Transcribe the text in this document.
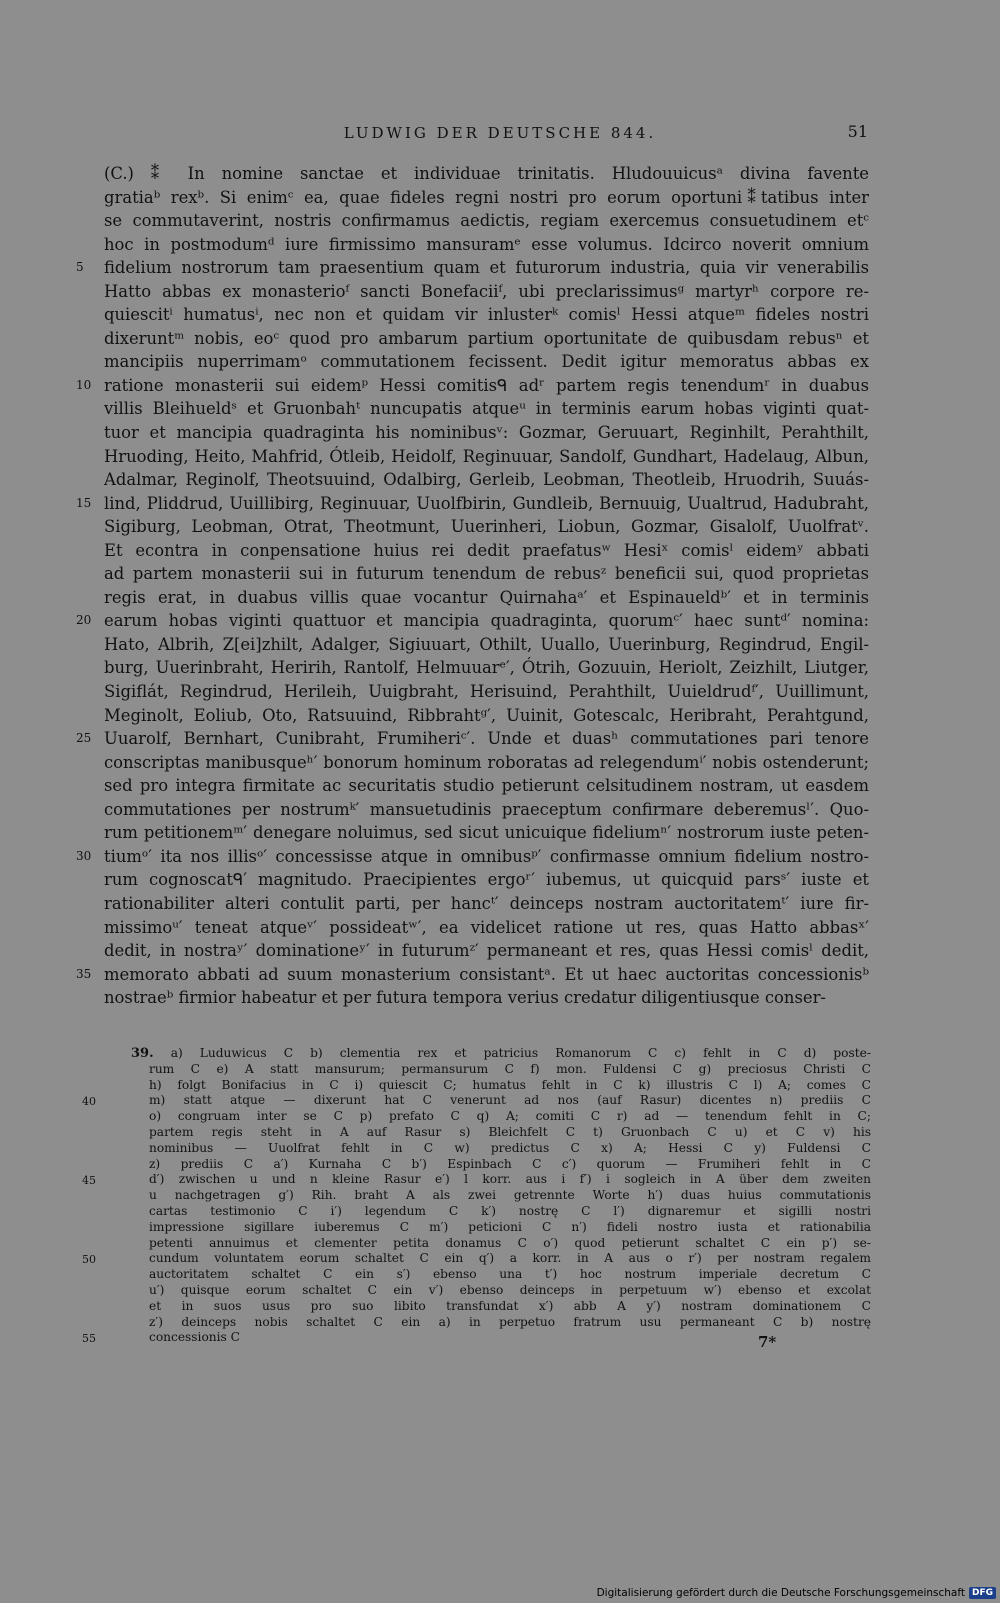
LUDWIG DER DEUTSCHE 844.	51
(C.) ⁑ In nomine sanctae et individuae trinitatis. Hludouuicusᵃ divina favente
gratiaᵇ rexᵇ. Si enimᶜ ea, quae fideles regni nostri pro eorum oportuni⁑tatibus inter
se commutaverint, nostris confirmamus aedictis, regiam exercemus consuetudinem etᶜ
hoc in postmodumᵈ iure firmissimo mansuramᵉ esse volumus. Idcirco noverit omnium
fidelium nostrorum tam praesentium quam et futurorum industria, quia vir venerabilis
Hatto abbas ex monasterioᶠ sancti Bonefaciiᶠ, ubi preclarissimusᵍ martyrʰ corpore re-
quiescitⁱ humatusⁱ, nec non et quidam vir inlusterᵏ comisˡ Hessi atqueᵐ fideles nostri
dixeruntᵐ nobis, eoᶜ quod pro ambarum partium oportunitate de quibusdam rebusⁿ et
mancipiis nuperrimamᵒ commutationem fecissent. Dedit igitur memoratus abbas ex
ratione monasterii sui eidemᵖ Hessi comitisᑫ adʳ partem regis tenendumʳ in duabus
villis Bleihueldˢ et Gruonbahᵗ nuncupatis atqueᵘ in terminis earum hobas viginti quat-
tuor et mancipia quadraginta his nominibusᵛ: Gozmar, Geruuart, Reginhilt, Perahthilt,
Hruoding, Heito, Mahfrid, Ótleib, Heidolf, Reginuuar, Sandolf, Gundhart, Hadelaug, Albun,
Adalmar, Reginolf, Theotsuuind, Odalbirg, Gerleib, Leobman, Theotleib, Hruodrih, Suuás-
lind, Pliddrud, Uuillibirg, Reginuuar, Uuolfbirin, Gundleib, Bernuuig, Uualtrud, Hadubraht,
Sigiburg, Leobman, Otrat, Theotmunt, Uuerinheri, Liobun, Gozmar, Gisalolf, Uuolfratᵛ.
Et econtra in conpensatione huius rei dedit praefatusʷ Hesiˣ comisˡ eidemʸ abbati
ad partem monasterii sui in futurum tenendum de rebusᶻ beneficii sui, quod proprietas
regis erat, in duabus villis quae vocantur Quirnahaᵃ′ et Espinaueldᵇ′ et in terminis
earum hobas viginti quattuor et mancipia quadraginta, quorumᶜ′ haec suntᵈ′ nomina:
Hato, Albrih, Z[ei]zhilt, Adalger, Sigiuuart, Othilt, Uuallo, Uuerinburg, Regindrud, Engil-
burg, Uuerinbraht, Heririh, Rantolf, Helmuuarᵉ′, Ótrih, Gozuuin, Heriolt, Zeizhilt, Liutger,
Sigiflát, Regindrud, Herileih, Uuigbraht, Herisuind, Perahthilt, Uuieldrudᶠ′, Uuillimunt,
Meginolt, Eoliub, Oto, Ratsuuind, Ribbrahtᵍ′, Uuinit, Gotescalc, Heribraht, Perahtgund,
Uuarolf, Bernhart, Cunibraht, Frumiheriᶜ′. Unde et duasʰ commutationes pari tenore
conscriptas manibusqueʰ′ bonorum hominum roboratas ad relegendumⁱ′ nobis ostenderunt;
sed pro integra firmitate ac securitatis studio petierunt celsitudinem nostram, ut easdem
commutationes per nostrumᵏ′ mansuetudinis praeceptum confirmare deberemusˡ′. Quo-
rum petitionemᵐ′ denegare noluimus, sed sicut unicuique fideliumⁿ′ nostrorum iuste peten-
tiumᵒ′ ita nos illisᵒ′ concessisse atque in omnibusᵖ′ confirmasse omnium fidelium nostro-
rum cognoscatᑫ′ magnitudo. Praecipientes ergoʳ′ iubemus, ut quicquid parsˢ′ iuste et
rationabiliter alteri contulit parti, per hancᵗ′ deinceps nostram auctoritatemᵗ′ iure fir-
missimoᵘ′ teneat atqueᵛ′ possideatʷ′, ea videlicet ratione ut res, quas Hatto abbasˣ′
dedit, in nostraʸ′ dominationeʸ′ in futurumᶻ′ permaneant et res, quas Hessi comisˡ dedit,
memorato abbati ad suum monasterium consistantᵃ. Et ut haec auctoritas concessionisᵇ
nostraeᵇ firmior habeatur et per futura tempora verius credatur diligentiusque conser-
5
10
15
20
25
30
35
39. a) Luduwicus C b) clementia rex et patricius Romanorum C c) fehlt in C d) poste-
rum C e) A statt mansurum; permansurum C f) mon. Fuldensi C g) preciosus Christi C
h) folgt Bonifacius in C i) quiescit C; humatus fehlt in C k) illustris C l) A; comes C
m) statt atque — dixerunt hat C venerunt ad nos (auf Rasur) dicentes n) prediis C
o) congruam inter se C p) prefato C q) A; comiti C r) ad — tenendum fehlt in C;
partem regis steht in A auf Rasur s) Bleichfelt C t) Gruonbach C u) et C v) his
nominibus — Uuolfrat fehlt in C w) predictus C x) A; Hessi C y) Fuldensi C
z) prediis C a′) Kurnaha C b′) Espinbach C c′) quorum — Frumiheri fehlt in C
d′) zwischen u und n kleine Rasur e′) l korr. aus i f′) i sogleich in A über dem zweiten
u nachgetragen g′) Rih. braht A als zwei getrennte Worte h′) duas huius commutationis
cartas testimonio C i′) legendum C k′) nostrę C l′) dignaremur et sigilli nostri
impressione sigillare iuberemus C m′) peticioni C n′) fideli nostro iusta et rationabilia
petenti annuimus et clementer petita donamus C o′) quod petierunt schaltet C ein p′) se-
cundum voluntatem eorum schaltet C ein q′) a korr. in A aus o r′) per nostram regalem
auctoritatem schaltet C ein s′) ebenso una t′) hoc nostrum imperiale decretum C
u′) quisque eorum schaltet C ein v′) ebenso deinceps in perpetuum w′) ebenso et excolat
et in suos usus pro suo libito transfundat x′) abb A y′) nostram dominationem C
z′) deinceps nobis schaltet C ein a) in perpetuo fratrum usu permaneant C b) nostrę
concessionis C
40
45
50
55	7*
Digitalisierung gefördert durch die Deutsche Forschungsgemeinschaft DFG
